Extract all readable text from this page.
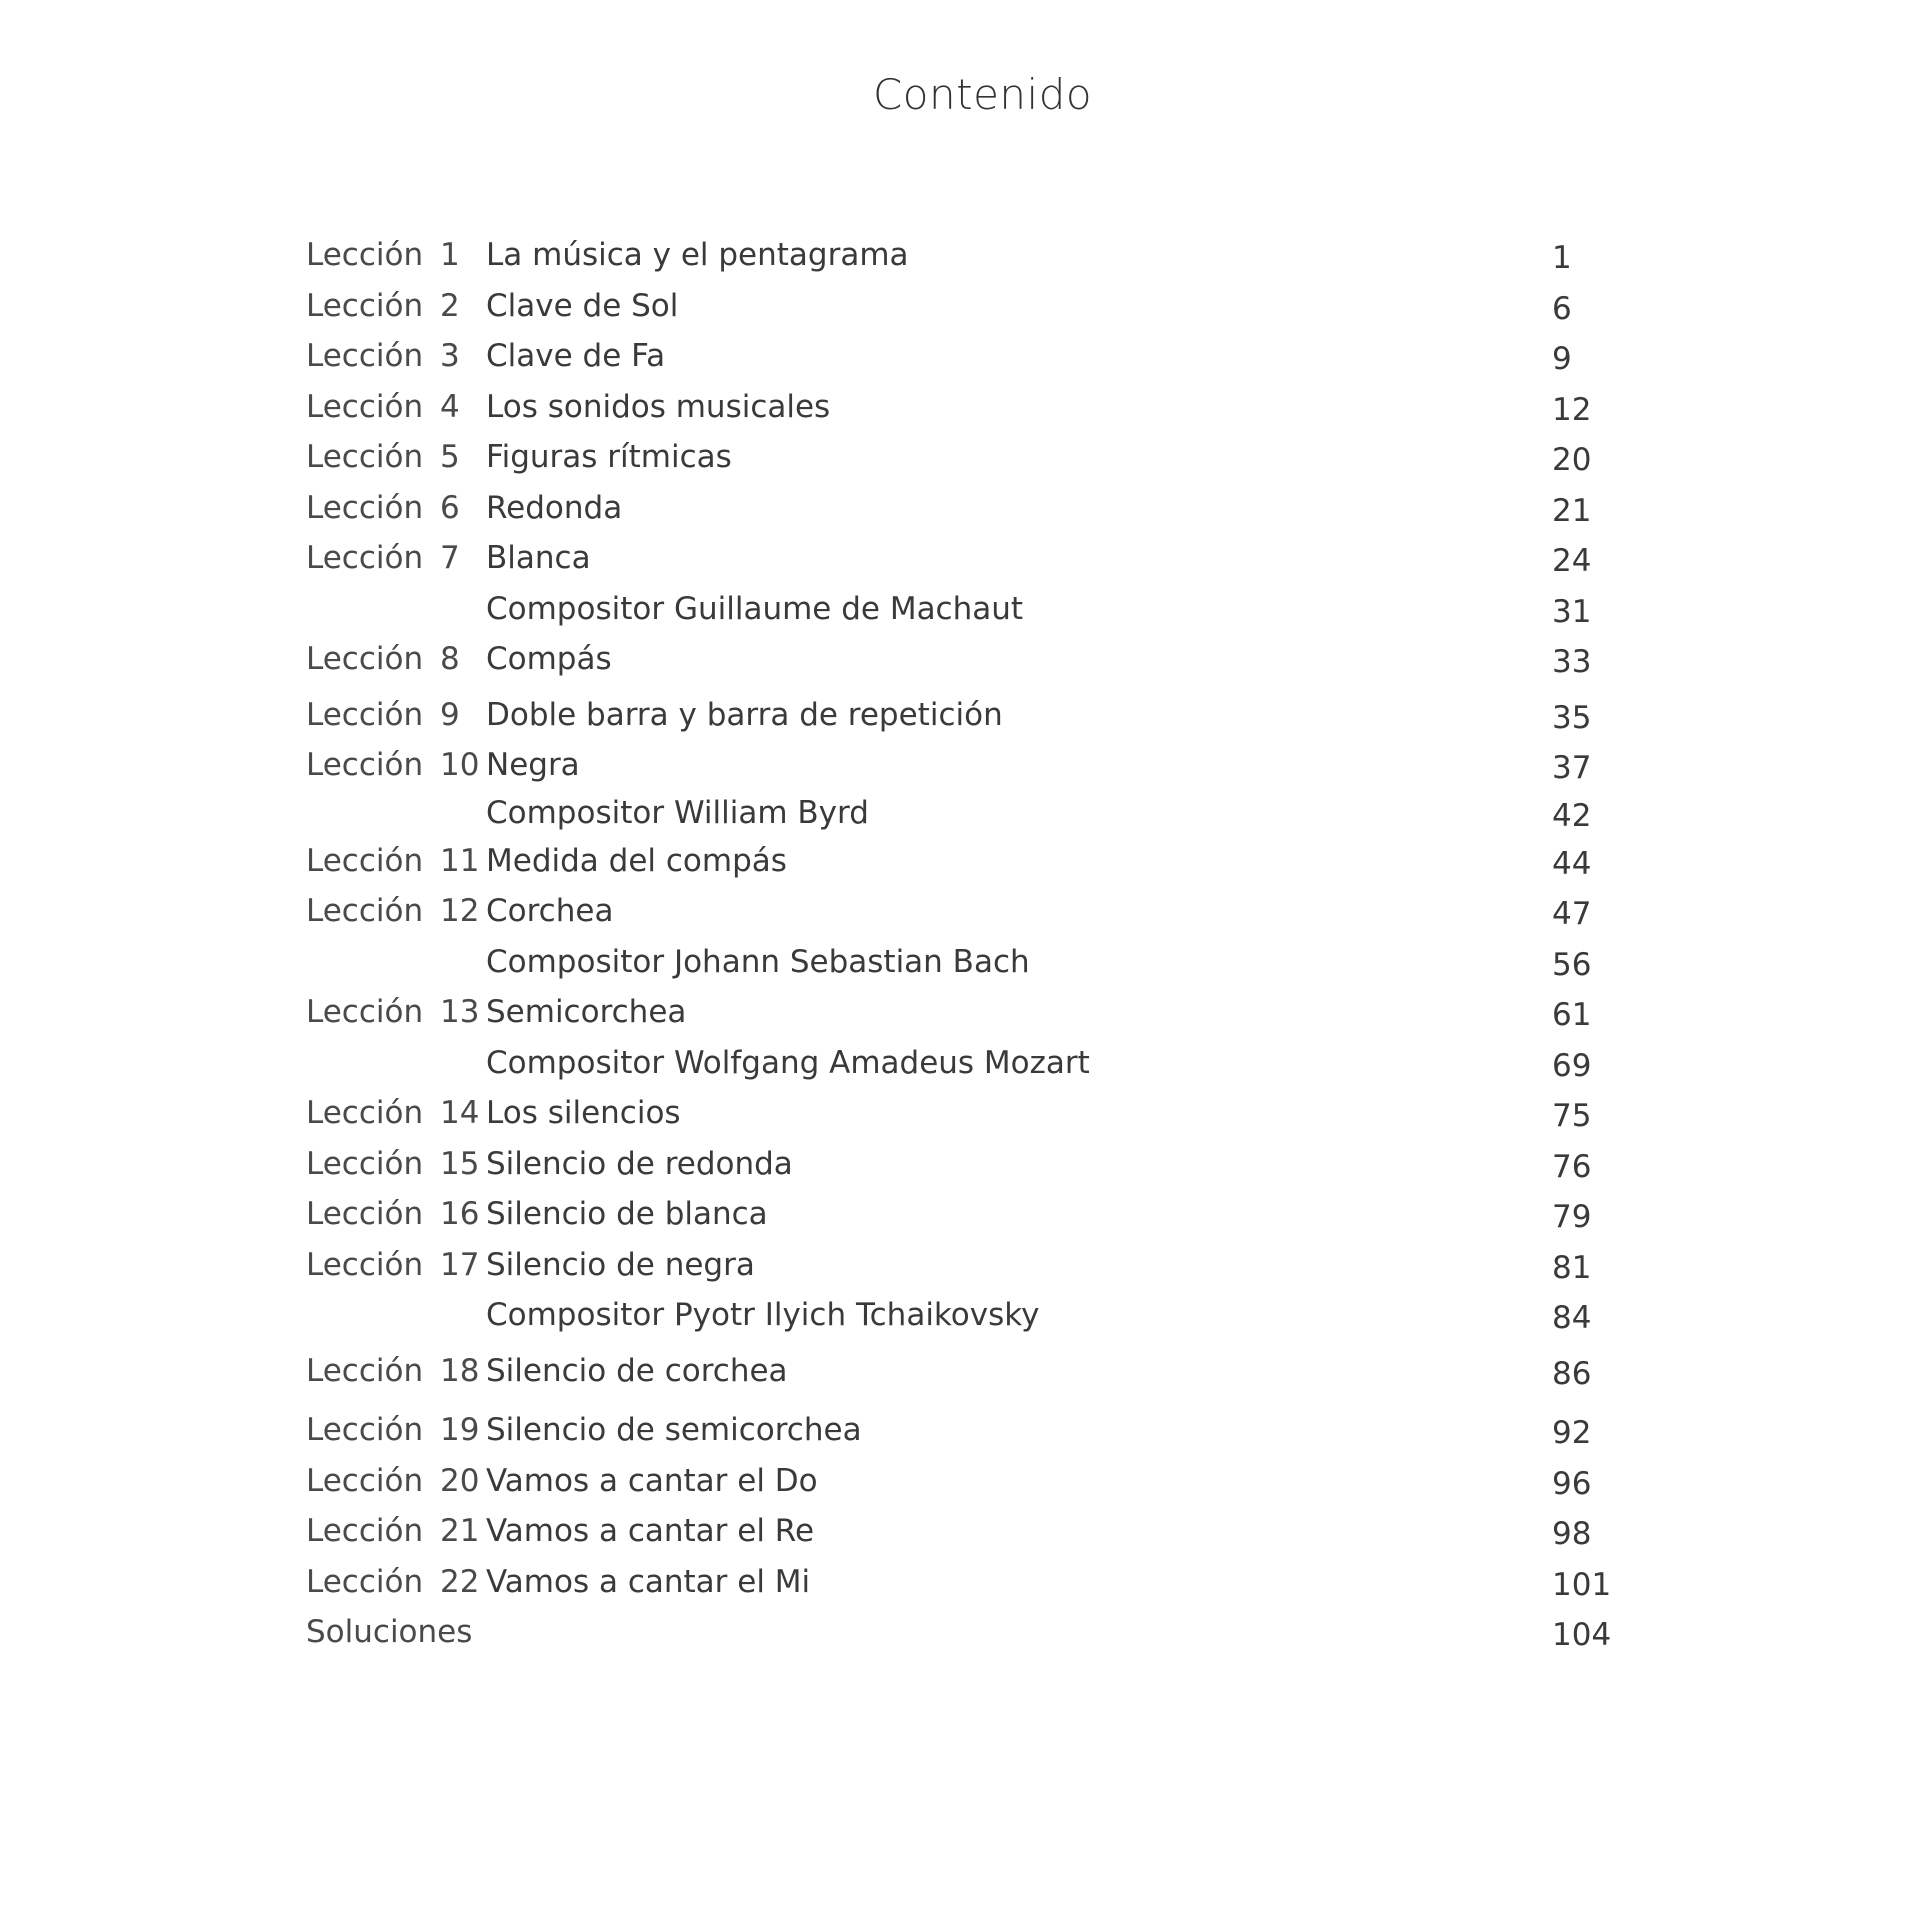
Contenido
Lección 1 La música y el pentagrama	1
Lección 2 Clave de Sol	6
Lección 3 Clave de Fa	9
Lección 4 Los sonidos musicales	12
Lección 5 Figuras rítmicas	20
Lección 6 Redonda	21
Lección 7 Blanca	24
Compositor Guillaume de Machaut	31
Lección 8 Compás	33
Lección 9 Doble barra y barra de repetición	35
Lección 10 Negra	37
Compositor William Byrd	42
Lección 11 Medida del compás	44
Lección 12 Corchea	47
Compositor Johann Sebastian Bach	56
Lección 13 Semicorchea	61
Compositor Wolfgang Amadeus Mozart	69
Lección 14 Los silencios	75
Lección 15 Silencio de redonda	76
Lección 16 Silencio de blanca	79
Lección 17 Silencio de negra	81
Compositor Pyotr Ilyich Tchaikovsky	84
Lección 18 Silencio de corchea	86
Lección 19 Silencio de semicorchea	92
Lección 20 Vamos a cantar el Do	96
Lección 21 Vamos a cantar el Re	98
Lección 22 Vamos a cantar el Mi	101
Soluciones	104
